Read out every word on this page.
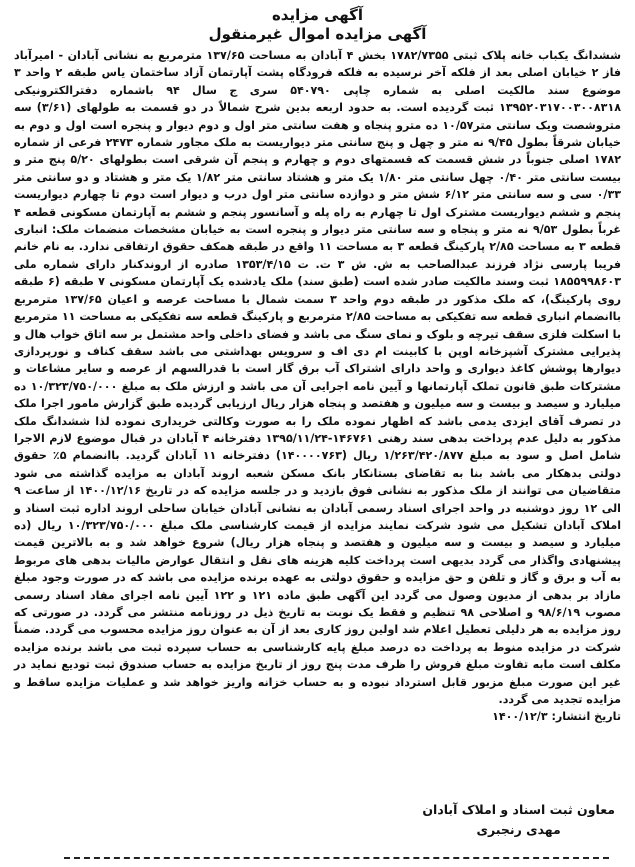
آگهی مزایده
آگهی مزایده اموال غیرمنقول

ششدانگ یکباب خانه پلاک ثبتی ۱۷۸۲/۷۳۵۵ بخش ۴ آبادان به مساحت ۱۳۷/۶۵ مترمربع به نشانی آبادان - امیرآباد فاز ۲ خیابان اصلی بعد از فلکه آخر نرسیده به فلکه فرودگاه پشت آپارتمان آزاد ساختمان یاس طبقه ۲ واحد ۳ موضوع سند مالکیت اصلی به شماره چاپی ۵۴۰۷۹۰ سری ج سال ۹۴ باشماره دفترالکترونیکی ۱۳۹۵۲۰۳۱۷۰۰۳۰۰۸۳۱۸ ثبت گردیده است. به حدود اربعه بدین شرح شمالاً در دو قسمت به طولهای (۳/۶۱) سه متروشصت ویک سانتی متر۱۰/۵۷ ده مترو پنجاه و هفت سانتی متر اول و دوم دیوار و پنجره است اول و دوم به خیابان شرقاً بطول ۹/۴۵ نه متر و چهل و پنج سانتی متر دیواریست به ملک مجاور شماره ۲۴۷۳ فرعی از شماره ۱۷۸۲ اصلی جنوباً در شش قسمت که قسمتهای دوم و چهارم و پنجم آن شرقی است بطولهای ۵/۲۰ پنج متر و بیست سانتی متر ۰/۴۰ چهل سانتی متر ۱/۸۰ یک متر و هشتاد سانتی متر ۱/۸۲ یک متر و هشتاد و دو سانتی متر ۰/۳۳ سی و سه سانتی متر ۶/۱۲ شش متر و دوازده سانتی متر اول درب و دیوار است دوم تا چهارم دیواریست پنجم و ششم دیواریست مشترک اول تا چهارم به راه پله و آسانسور پنجم و ششم به آپارتمان مسکونی قطعه ۴ غرباً بطول ۹/۵۳ نه متر و پنجاه و سه سانتی متر دیوار و پنجره است به خیابان مشخصات منضمات ملک: انباری قطعه ۳ به مساحت ۲/۸۵ پارکینگ قطعه ۳ به مساحت ۱۱ واقع در طبقه همکف حقوق ارتفاقی ندارد. به نام خانم فریبا پارسی نژاد فرزند عبدالصاحب به ش. ش ۳ ت. ت ۱۳۵۳/۴/۱۵ صادره از اروندکنار دارای شماره ملی ۱۸۵۵۹۹۸۶۰۳ ثبت وسند مالکیت صادر شده است (طبق سند) ملک یادشده یک آپارتمان مسکونی ۷ طبقه (۶ طبقه روی پارکینگ)، که ملک مذکور در طبقه دوم واحد ۳ سمت شمال با مساحت عرصه و اعیان ۱۳۷/۶۵ مترمربع باانضمام انباری قطعه سه تفکیکی به مساحت ۲/۸۵ مترمربع و پارکینگ قطعه سه تفکیکی به مساحت ۱۱ مترمربع با اسکلت فلزی سقف تیرچه و بلوک و نمای سنگ می باشد و فضای داخلی واحد مشتمل بر سه اتاق خواب هال و پذیرایی مشترک آشپزخانه اوپن با کابینت ام دی اف و سرویس بهداشتی می باشد سقف کناف و نورپردازی دیوارها پوشش کاغذ دیواری و واحد دارای اشتراک آب برق گاز است با قدرالسهم از عرصه و سایر مشاعات و مشترکات طبق قانون تملک آپارتمانها و آیین نامه اجرایی آن می باشد و ارزش ملک به مبلغ ۱۰/۳۲۳/۷۵۰/۰۰۰ ده میلیارد و سیصد و بیست و سه میلیون و هفتصد و پنجاه هزار ریال ارزیابی گردیده طبق گزارش مامور اجرا ملک در تصرف آقای ایزدی یدمی باشد که اظهار نموده ملک را به صورت وکالتی خریداری نموده لذا ششدانگ ملک مذکور به دلیل عدم پرداخت بدهی سند رهنی ۱۴۶۷۶۱-۱۳۹۵/۱۱/۲۴ دفترخانه ۴ آبادان در قبال موضوع لازم الاجرا شامل اصل و سود به مبلغ ۱/۲۶۳/۴۲۰/۸۷۷ ریال (۱۴۰۰۰۰۷۶۳) دفترخانه ۱۱ آبادان گردید. باانضمام ۵٪ حقوق دولتی بدهکار می باشد بنا به تقاضای بستانکار بانک مسکن شعبه اروند آبادان به مزایده گذاشته می شود متقاضیان می توانند از ملک مذکور به نشانی فوق بازدید و در جلسه مزایده که در تاریخ ۱۴۰۰/۱۲/۱۶ از ساعت ۹ الی ۱۲ روز دوشنبه در واحد اجرای اسناد رسمی آبادان به نشانی آبادان خیابان ساحلی اروند اداره ثبت اسناد و املاک آبادان تشکیل می شود شرکت نمایند مزایده از قیمت کارشناسی ملک مبلغ ۱۰/۳۲۳/۷۵۰/۰۰۰ ریال (ده میلیارد و سیصد و بیست و سه میلیون و هفتصد و پنجاه هزار ریال) شروع خواهد شد و به بالاترین قیمت پیشنهادی واگذار می گردد بدیهی است پرداخت کلیه هزینه های نقل و انتقال عوارض مالیات بدهی های مربوط به آب و برق و گاز و تلفن و حق مزایده و حقوق دولتی به عهده برنده مزایده می باشد که در صورت وجود مبلغ مازاد بر بدهی از مدیون وصول می گردد این آگهی طبق ماده ۱۲۱ و ۱۲۲ آیین نامه اجرای مفاد اسناد رسمی مصوب ۹۸/۶/۱۹ و اصلاحی ۹۸ تنظیم و فقط یک نوبت به تاریخ ذیل در روزنامه منتشر می گردد. در صورتی که روز مزایده به هر دلیلی تعطیل اعلام شد اولین روز کاری بعد از آن به عنوان روز مزایده محسوب می گردد. ضمناً شرکت در مزایده منوط به پرداخت ده درصد مبلغ پایه کارشناسی به حساب سپرده ثبت می باشد برنده مزایده مکلف است مابه تفاوت مبلغ فروش را ظرف مدت پنج روز از تاریخ مزایده به حساب صندوق ثبت تودیع نماید در غیر این صورت مبلغ مزبور قابل استرداد نبوده و به حساب خزانه واریز خواهد شد و عملیات مزایده ساقط و مزایده تجدید می گردد.

تاریخ انتشار: ۱۴۰۰/۱۲/۳

معاون ثبت اسناد و املاک آبادان
مهدی رنجبری
